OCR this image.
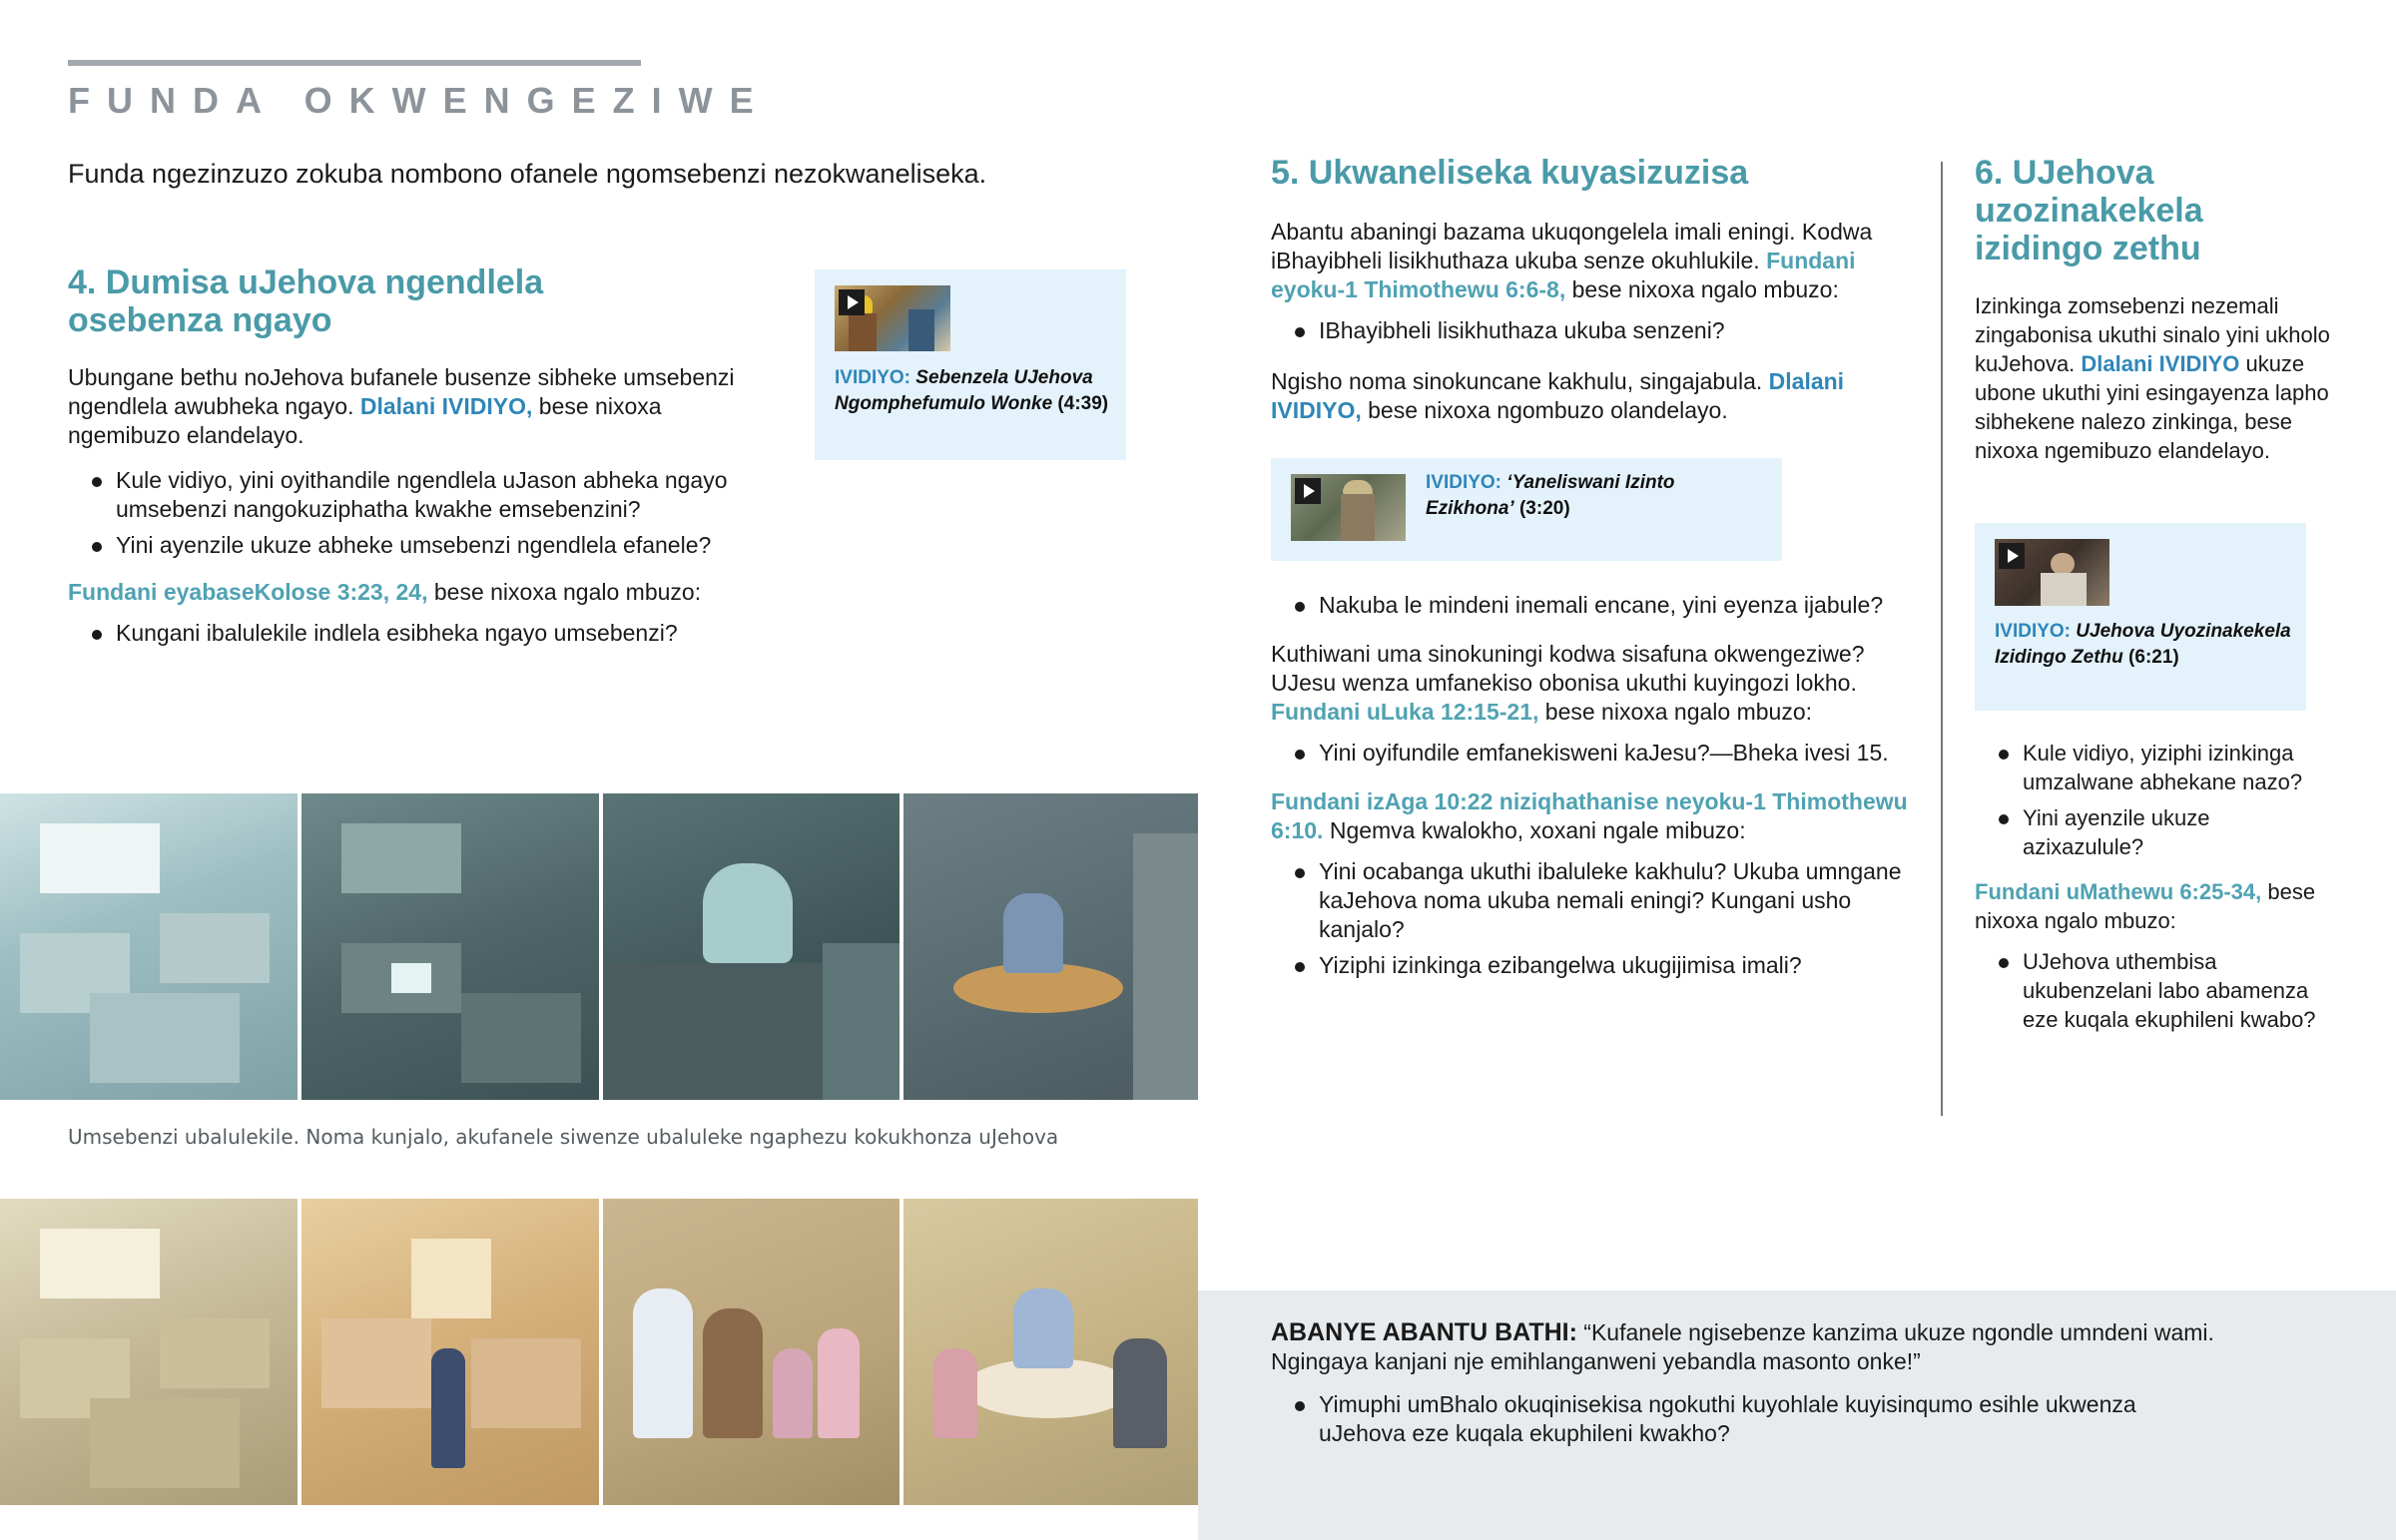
FUNDA OKWENGEZIWE
Funda ngezinzuzo zokuba nombono ofanele ngomsebenzi nezokwaneliseka.
4. Dumisa uJehova ngendlela osebenza ngayo

Ubungane bethu noJehova bufanele busenze sibheke umsebenzi ngendlela awubheka ngayo. Dlalani IVIDIYO, bese nixoxa ngemibuzo elandelayo.

Kule vidiyo, yini oyithandile ngendlela uJason abheka ngayo umsebenzi nangokuziphatha kwakhe emsebenzini?
Yini ayenzile ukuze abheke umsebenzi ngendlela efanele?

Fundani eyabaseKolose 3:23, 24, bese nixoxa ngalo mbuzo:

Kungani ibalulekile indlela esibheka ngayo umsebenzi?
IVIDIYO: Sebenzela UJehova Ngomphefumulo Wonke (4:39)
Umsebenzi ubalulekile. Noma kunjalo, akufanele siwenze ubaluleke ngaphezu kokukhonza uJehova
5. Ukwaneliseka kuyasizuzisa

Abantu abaningi bazama ukuqongelela imali eningi. Kodwa iBhayibheli lisikhuthaza ukuba senze okuhlukile. Fundani eyoku-1 Thimothewu 6:6-8, bese nixoxa ngalo mbuzo:

IBhayibheli lisikhuthaza ukuba senzeni?

Ngisho noma sinokuncane kakhulu, singajabula. Dlalani IVIDIYO, bese nixoxa ngombuzo olandelayo.

IVIDIYO: ‘Yaneliswani Izinto Ezikhona’ (3:20)
Nakuba le mindeni inemali encane, yini eyenza ijabule?

Kuthiwani uma sinokuningi kodwa sisafuna okwengeziwe? UJesu wenza umfanekiso obonisa ukuthi kuyingozi lokho. Fundani uLuka 12:15-21, bese nixoxa ngalo mbuzo:

Yini oyifundile emfanekisweni kaJesu?—Bheka ivesi 15.

Fundani izAga 10:22 niziqhathanise neyoku-1 Thimothewu 6:10. Ngemva kwalokho, xoxani ngale mibuzo:

Yini ocabanga ukuthi ibaluleke kakhulu? Ukuba umngane kaJehova noma ukuba nemali eningi? Kungani usho kanjalo?
Yiziphi izinkinga ezibangelwa ukugijimisa imali?
6. UJehova uzozinakekela izidingo zethu

Izinkinga zomsebenzi nezemali zingabonisa ukuthi sinalo yini ukholo kuJehova. Dlalani IVIDIYO ukuze ubone ukuthi yini esingayenza lapho sibhekene nalezo zinkinga, bese nixoxa ngemibuzo elandelayo.

IVIDIYO: UJehova Uyozinakekela Izidingo Zethu (6:21)
Kule vidiyo, yiziphi izinkinga umzalwane abhekane nazo?
Yini ayenzile ukuze azixazulule?

Fundani uMathewu 6:25-34, bese nixoxa ngalo mbuzo:

UJehova uthembisa ukubenzelani labo abamenza eze kuqala ekuphileni kwabo?

ABANYE ABANTU BATHI: “Kufanele ngisebenze kanzima ukuze ngondle umndeni wami. Ngingaya kanjani nje emihlanganweni yebandla masonto onke!”

Yimuphi umBhalo okuqinisekisa ngokuthi kuyohlale kuyisinqumo esihle ukwenza uJehova eze kuqala ekuphileni kwakho?
